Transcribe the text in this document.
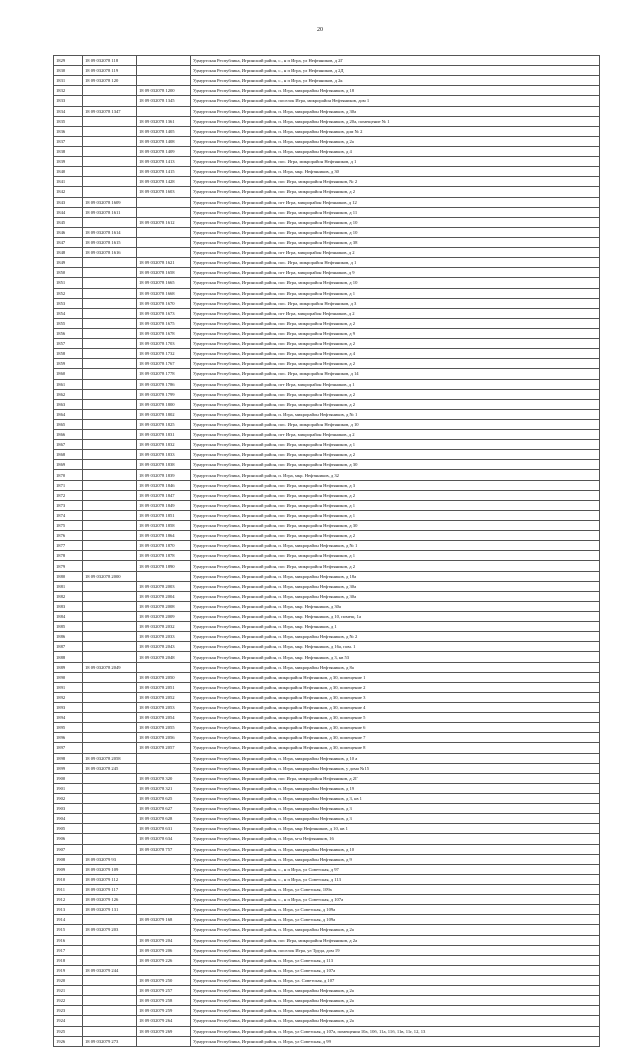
20
1829	18 09 032078 118		Удмуртская Республика, Игринский район, с., н п Игра, ул Нефтяников, д 2Г
1830	18 09 032078 119		Удмуртская Республика, Игринский район, с., н п Игра, ул Нефтяников, д 2Д
1831	18 09 032078 120		Удмуртская Республика, Игринский район, с., н п Игра, ул Нефтяников, д 2к
1832		18 09 032078 1200	Удмуртская Республика, Игринский район, п. Игра, микрорайон Нефтяников, д 18
1833		18 09 032078 1345	Удмуртская Республика, Игринский район, поселок Игра, микрорайон Нефтяников, дом 1
1834	18 09 032078 1347		Удмуртская Республика, Игринский район, п. Игра, микрорайон Нефтяников, д 30а
1835		18 09 032078 1361	Удмуртская Республика, Игринский район, п. Игра, микрорайон Нефтяников, д 20а, помещение № 1
1836		18 09 032078 1405	Удмуртская Республика, Игринский район, п. Игра, микрорайон Нефтяников, дом № 2
1837		18 09 032078 1408	Удмуртская Республика, Игринский район, п. Игра, микрорайон Нефтяников, д 2а
1838		18 09 032078 1409	Удмуртская Республика, Игринский район, п. Игра, микрорайон Нефтяников, д 4
1839		18 09 032078 1413	Удмуртская Республика, Игринский район, пос. Игра, микрорайон Нефтяников, д 1
1840		18 09 032078 1415	Удмуртская Республика, Игринский район, п. Игра, мкр. Нефтяников, д 30
1841		18 09 032078 1428	Удмуртская Республика, Игринский район, пос Игра, микрорайон Нефтяников, № 2
1842		18 09 032078 1603	Удмуртская Республика, Игринский район, пос Игра, микрорайон Нефтяников, д 2
1843	18 09 032078 1609		Удмуртская Республика, Игринский район, пгт Игра, микрорайон Нефтяников, д 12
1844	18 09 032078 1611		Удмуртская Республика, Игринский район, пос Игра, микрорайон Нефтяников, д 11
1845		18 09 032078 1612	Удмуртская Республика, Игринский район, пос Игра, микрорайон Нефтяников, д 10
1846	18 09 032078 1614		Удмуртская Республика, Игринский район, пос Игра, микрорайон Нефтяников, д 10
1847	18 09 032078 1615		Удмуртская Республика, Игринский район, пос Игра, микрорайон Нефтяников, д 38
1848	18 09 032078 1616		Удмуртская Республика, Игринский район, пгт Игра, микрорайон Нефтяников, д 2
1849		18 09 032078 1621	Удмуртская Республика, Игринский район, пос. Игра, микрорайон Нефтяников, д 1
1850		18 09 032078 1658	Удмуртская Республика, Игринский район, пгт Игра, микрорайон Нефтяников, д 9
1851		18 09 032078 1665	Удмуртская Республика, Игринский район, пос Игра, микрорайон Нефтяников, д 10
1852		18 09 032078 1668	Удмуртская Республика, Игринский район, пос Игра, микрорайон Нефтяников, д 1
1853		18 09 032078 1670	Удмуртская Республика, Игринский район, пос. Игра, микрорайон Нефтяников, д 3
1854		18 09 032078 1673	Удмуртская Республика, Игринский район, пгт Игра, микрорайон Нефтяников, д 2
1855		18 09 032078 1675	Удмуртская Республика, Игринский район, пос Игра, микрорайон Нефтяников, д 2
1856		18 09 032078 1678	Удмуртская Республика, Игринский район, пос Игра, микрорайон Нефтяников, д 9
1857		18 09 032078 1703	Удмуртская Республика, Игринский район, пос Игра, микрорайон Нефтяников, д 2
1858		18 09 032078 1732	Удмуртская Республика, Игринский район, пос Игра, микрорайон Нефтяников, д 4
1859		18 09 032078 1767	Удмуртская Республика, Игринский район, пос Игра, микрорайон Нефтяников, д 2
1860		18 09 032078 1778	Удмуртская Республика, Игринский район, пос. Игра, микрорайон Нефтяников, д 14
1861		18 09 032078 1786	Удмуртская Республика, Игринский район, пгт Игра, микрорайон Нефтяников, д 1
1862		18 09 032078 1799	Удмуртская Республика, Игринский район, пос Игра, микрорайон Нефтяников, д 2
1863		18 09 032078 1800	Удмуртская Республика, Игринский район, пос Игра, микрорайон Нефтяников, д 2
1864		18 09 032078 1802	Удмуртская Республика, Игринский район, п. Игра, микрорайон Нефтяников, д № 1
1865		18 09 032078 1825	Удмуртская Республика, Игринский район, пос. Игра, микрорайон Нефтяников, д 10
1866		18 09 032078 1831	Удмуртская Республика, Игринский район, пгт Игра, микрорайон Нефтяников, д 2
1867		18 09 032078 1832	Удмуртская Республика, Игринский район, пос Игра, микрорайон Нефтяников, д 1
1868		18 09 032078 1833	Удмуртская Республика, Игринский район, пос Игра, микрорайон Нефтяников, д 2
1869		18 09 032078 1838	Удмуртская Республика, Игринский район, пос Игра, микрорайон Нефтяников, д 30
1870		18 09 032078 1839	Удмуртская Республика, Игринский район, п. Игра, мкр. Нефтяников, д 32
1871		18 09 032078 1846	Удмуртская Республика, Игринский район, пос Игра, микрорайон Нефтяников, д 3
1872		18 09 032078 1847	Удмуртская Республика, Игринский район, пос Игра, микрорайон Нефтяников, д 2
1873		18 09 032078 1849	Удмуртская Республика, Игринский район, пос Игра, микрорайон Нефтяников, д 1
1874		18 09 032078 1851	Удмуртская Республика, Игринский район, пос Игра, микрорайон Нефтяников, д 1
1875		18 09 032078 1858	Удмуртская Республика, Игринский район, пос Игра, микрорайон Нефтяников, д 30
1876		18 09 032078 1864	Удмуртская Республика, Игринский район, пос Игра, микрорайон Нефтяников, д 2
1877		18 09 032078 1870	Удмуртская Республика, Игринский район, п. Игра, микрорайон Нефтяников, д № 1
1878		18 09 032078 1878	Удмуртская Республика, Игринский район, пос Игра, микрорайон Нефтяников, д 1
1879		18 09 032078 1890	Удмуртская Республика, Игринский район, пос Игра, микрорайон Нефтяников, д 2
1880	18 09 032078 2000		Удмуртская Республика, Игринский район, п. Игра, микрорайон Нефтяников, д 18а
1881		18 09 032078 2003	Удмуртская Республика, Игринский район, п. Игра, микрорайон Нефтяников, д 30а
1882		18 09 032078 2004	Удмуртская Республика, Игринский район, п. Игра, микрорайон Нефтяников, д 30а
1883		18 09 032078 2008	Удмуртская Республика, Игринский район, п. Игра, мкр. Нефтяников, д 30а
1884		18 09 032078 2009	Удмуртская Республика, Игринский район, п. Игра, мкр. Нефтяников, д 10, помещ. 1а
1885		18 09 032078 2032	Удмуртская Республика, Игринский район, п. Игра, мкр. Нефтяников, д 1
1886		18 09 032078 2033	Удмуртская Республика, Игринский район, п. Игра, микрорайон Нефтяников, д № 2
1887		18 09 032078 2043	Удмуртская Республика, Игринский район, п. Игра, мкр. Нефтяников, д 16а, пом. 1
1888		18 09 032078 2048	Удмуртская Республика, Игринский район, п. Игра, мкр. Нефтяников, д 3, кв 53
1889	18 09 032078 2049		Удмуртская Республика, Игринский район, п. Игра, микрорайон Нефтяников, д 8а
1890		18 09 032078 2050	Удмуртская Республика, Игринский район, микрорайон Нефтяников, д 30, помещение 1
1891		18 09 032078 2051	Удмуртская Республика, Игринский район, микрорайон Нефтяников, д 30, помещение 2
1892		18 09 032078 2052	Удмуртская Республика, Игринский район, микрорайон Нефтяников, д 30, помещение 3
1893		18 09 032078 2053	Удмуртская Республика, Игринский район, микрорайон Нефтяников, д 30, помещение 4
1894		18 09 032078 2054	Удмуртская Республика, Игринский район, микрорайон Нефтяников, д 30, помещение 5
1895		18 09 032078 2055	Удмуртская Республика, Игринский район, микрорайон Нефтяников, д 30, помещение 6
1896		18 09 032078 2056	Удмуртская Республика, Игринский район, микрорайон Нефтяников, д 30, помещение 7
1897		18 09 032078 2057	Удмуртская Республика, Игринский район, микрорайон Нефтяников, д 30, помещение 8
1898	18 09 032078 2058		Удмуртская Республика, Игринский район, п. Игра, микрорайон Нефтяников, д 10 а
1899	18 09 032078 245		Удмуртская Республика, Игринский район, п. Игра, микрорайон Нефтяников, у дома №15
1900		18 09 032078 320	Удмуртская Республика, Игринский район, пос Игра, микрорайон Нефтяников, д 2Г
1901		18 09 032078 321	Удмуртская Республика, Игринский район, п. Игра, микрорайон Нефтяников, д 19
1902		18 09 032078 625	Удмуртская Республика, Игринский район, п. Игра, микрорайон Нефтяников, д 3, кв 1
1903		18 09 032078 627	Удмуртская Республика, Игринский район, п. Игра, микрорайон Нефтяников, д 3
1904		18 09 032078 628	Удмуртская Республика, Игринский район, п. Игра, микрорайон Нефтяников, д 3
1905		18 09 032078 631	Удмуртская Республика, Игринский район, п. Игра, мкр Нефтяников, д 10, кв 1
1906		18 09 032078 634	Удмуртская Республика, Игринский район, п. Игра, м-н Нефтяников, 16
1907		18 09 032078 757	Удмуртская Республика, Игринский район, п. Игра, микрорайон Нефтяников, д 10
1908	18 09 032079 93		Удмуртская Республика, Игринский район, п. Игра, микрорайон Нефтяников, д 9
1909	18 09 032079 109		Удмуртская Республика, Игринский район, с., н п Игра, ул Советская, д 97
1910	18 09 032079 112		Удмуртская Республика, Игринский район, с., н п Игра, ул Советская, д 113
1911	18 09 032079 117		Удмуртская Республика, Игринский район, п. Игра, ул Советская, 109а
1912	18 09 032079 126		Удмуртская Республика, Игринский район, с., н п Игра, ул Советская, д 107а
1913	18 09 032079 131		Удмуртская Республика, Игринский район, п. Игра, ул Советская, д 109а
1914		18 09 032079 168	Удмуртская Республика, Игринский район, п. Игра, ул Советская, д 109а
1915	18 09 032079 203		Удмуртская Республика, Игринский район, п. Игра, микрорайон Нефтяников, д 2а
1916		18 09 032079 204	Удмуртская Республика, Игринский район, пос Игра, микрорайон Нефтяников, д 2а
1917		18 09 032079 206	Удмуртская Республика, Игринский район, поселок Игра, ул Труда, дом 19
1918		18 09 032079 226	Удмуртская Республика, Игринский район, п. Игра, ул Советская, д 113
1919	18 09 032079 244		Удмуртская Республика, Игринский район, п. Игра, ул Советская, д 107а
1920		18 09 032079 250	Удмуртская Республика, Игринский район, п. Игра, ул. Советская, д 107
1921		18 09 032079 257	Удмуртская Республика, Игринский район, п. Игра, микрорайон Нефтяников, д 2а
1922		18 09 032079 258	Удмуртская Республика, Игринский район, п. Игра, микрорайон Нефтяников, д 2а
1923		18 09 032079 259	Удмуртская Республика, Игринский район, п. Игра, микрорайон Нефтяников, д 2а
1924		18 09 032079 264	Удмуртская Республика, Игринский район, п. Игра, микрорайон Нефтяников, д 2а
1925		18 09 032079 269	Удмуртская Республика, Игринский район, п. Игра, ул Советская, д 107а, помещения 10а, 10б, 11а, 11б, 11в, 11г, 12, 13
1926	18 09 032079 273		Удмуртская Республика, Игринский район, п. Игра, ул Советская, д 99
